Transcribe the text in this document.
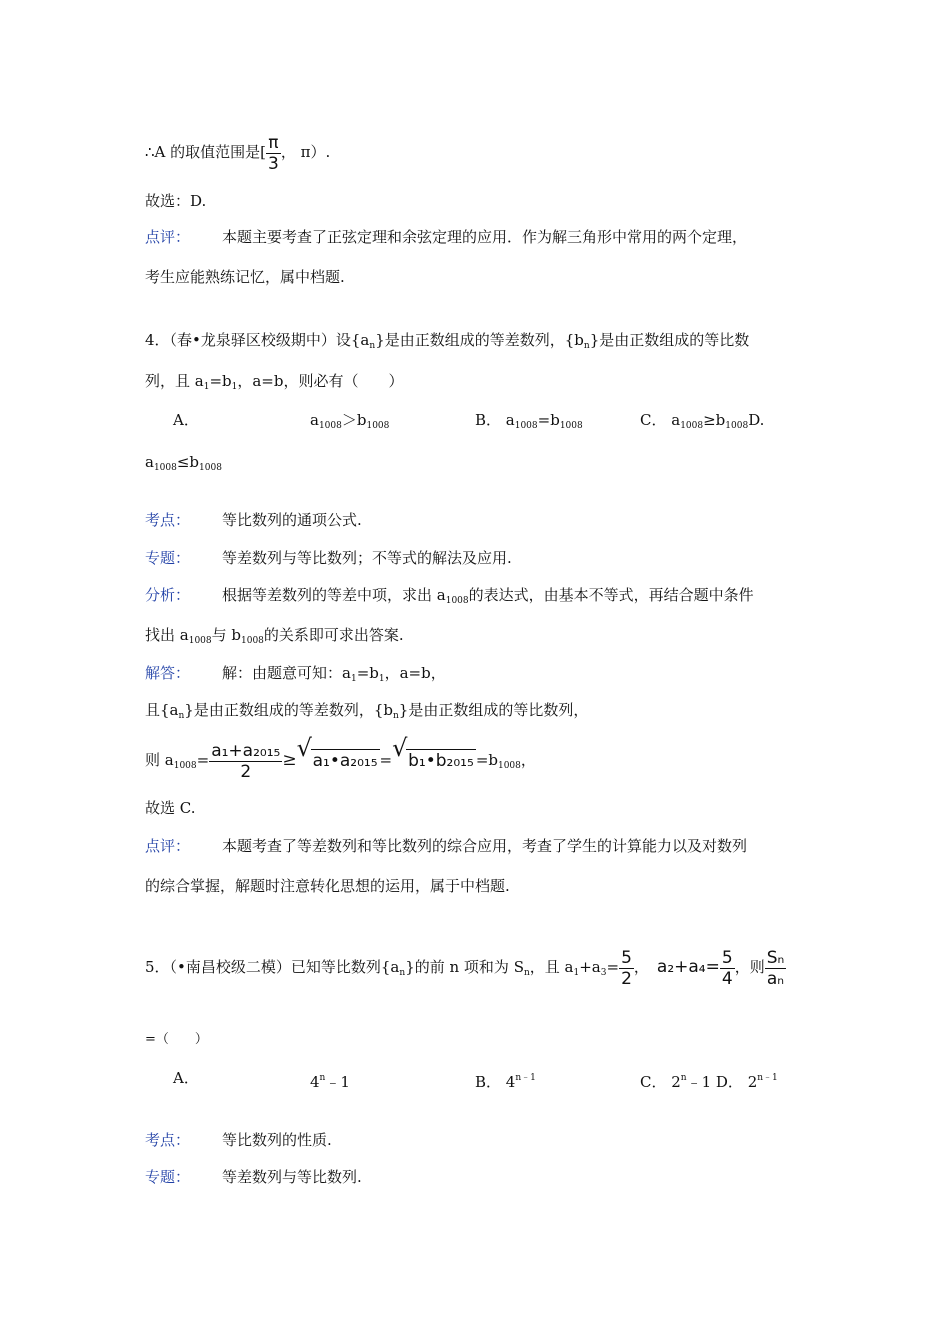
∴A 的取值范围是[ $\frac{\pi}{3}$ ， π）.
故选：D.
点评： 本题主要考查了正弦定理和余弦定理的应用．作为解三角形中常用的两个定理，
考生应能熟练记忆，属中档题.
4．（春•龙泉驿区校级期中）设$\{a_n\}$是由正数组成的等差数列，$\{b_n\}$是由正数组成的等比数
列，且 $a_1=b_1$，a=b，则必有（　　）
A．	$a_{1008}>b_{1008}$	B． $a_{1008}=b_{1008}$	C． $a_{1008}\ge b_{1008}D$.
$a_{1008}\le b_{1008}$
考点： 等比数列的通项公式.
专题： 等差数列与等比数列；不等式的解法及应用.
分析： 根据等差数列的等差中项，求出 $a_{1008}$的表达式，由基本不等式，再结合题中条件
找出 $a_{1008}$与 $b_{1008}$的关系即可求出答案.
解答： 解：由题意可知：$a_1=b_1$，a=b，
且$\{a_n\}$是由正数组成的等差数列，$\{b_n\}$是由正数组成的等比数列，
则 $a_{1008}= \frac{\text{a₁+a₂₀₁₅}}{2}$ ≥ √ a₁•a₂₀₁₅ = √ b₁•b₂₀₁₅ $=b_{1008}$，
故选 C.
点评： 本题考查了等差数列和等比数列的综合应用，考查了学生的计算能力以及对数列
的综合掌握，解题时注意转化思想的运用，属于中档题.
5．（•南昌校级二模）已知等比数列$\{a_n\}$的前 n 项和为 $S_n$，且 $a_1+a_3= \frac{5}{2}$ ， $a_2+a_4= \frac{5}{4}$ ，则 $\frac{\text{Sₙ}}{\text{aₙ}}$
=（　　）
A．	4$^n$﹣1	B． $4^{n﹣1}$	C． 2$^n$﹣1 D． $2^{n﹣1}$
考点： 等比数列的性质.
专题： 等差数列与等比数列.
